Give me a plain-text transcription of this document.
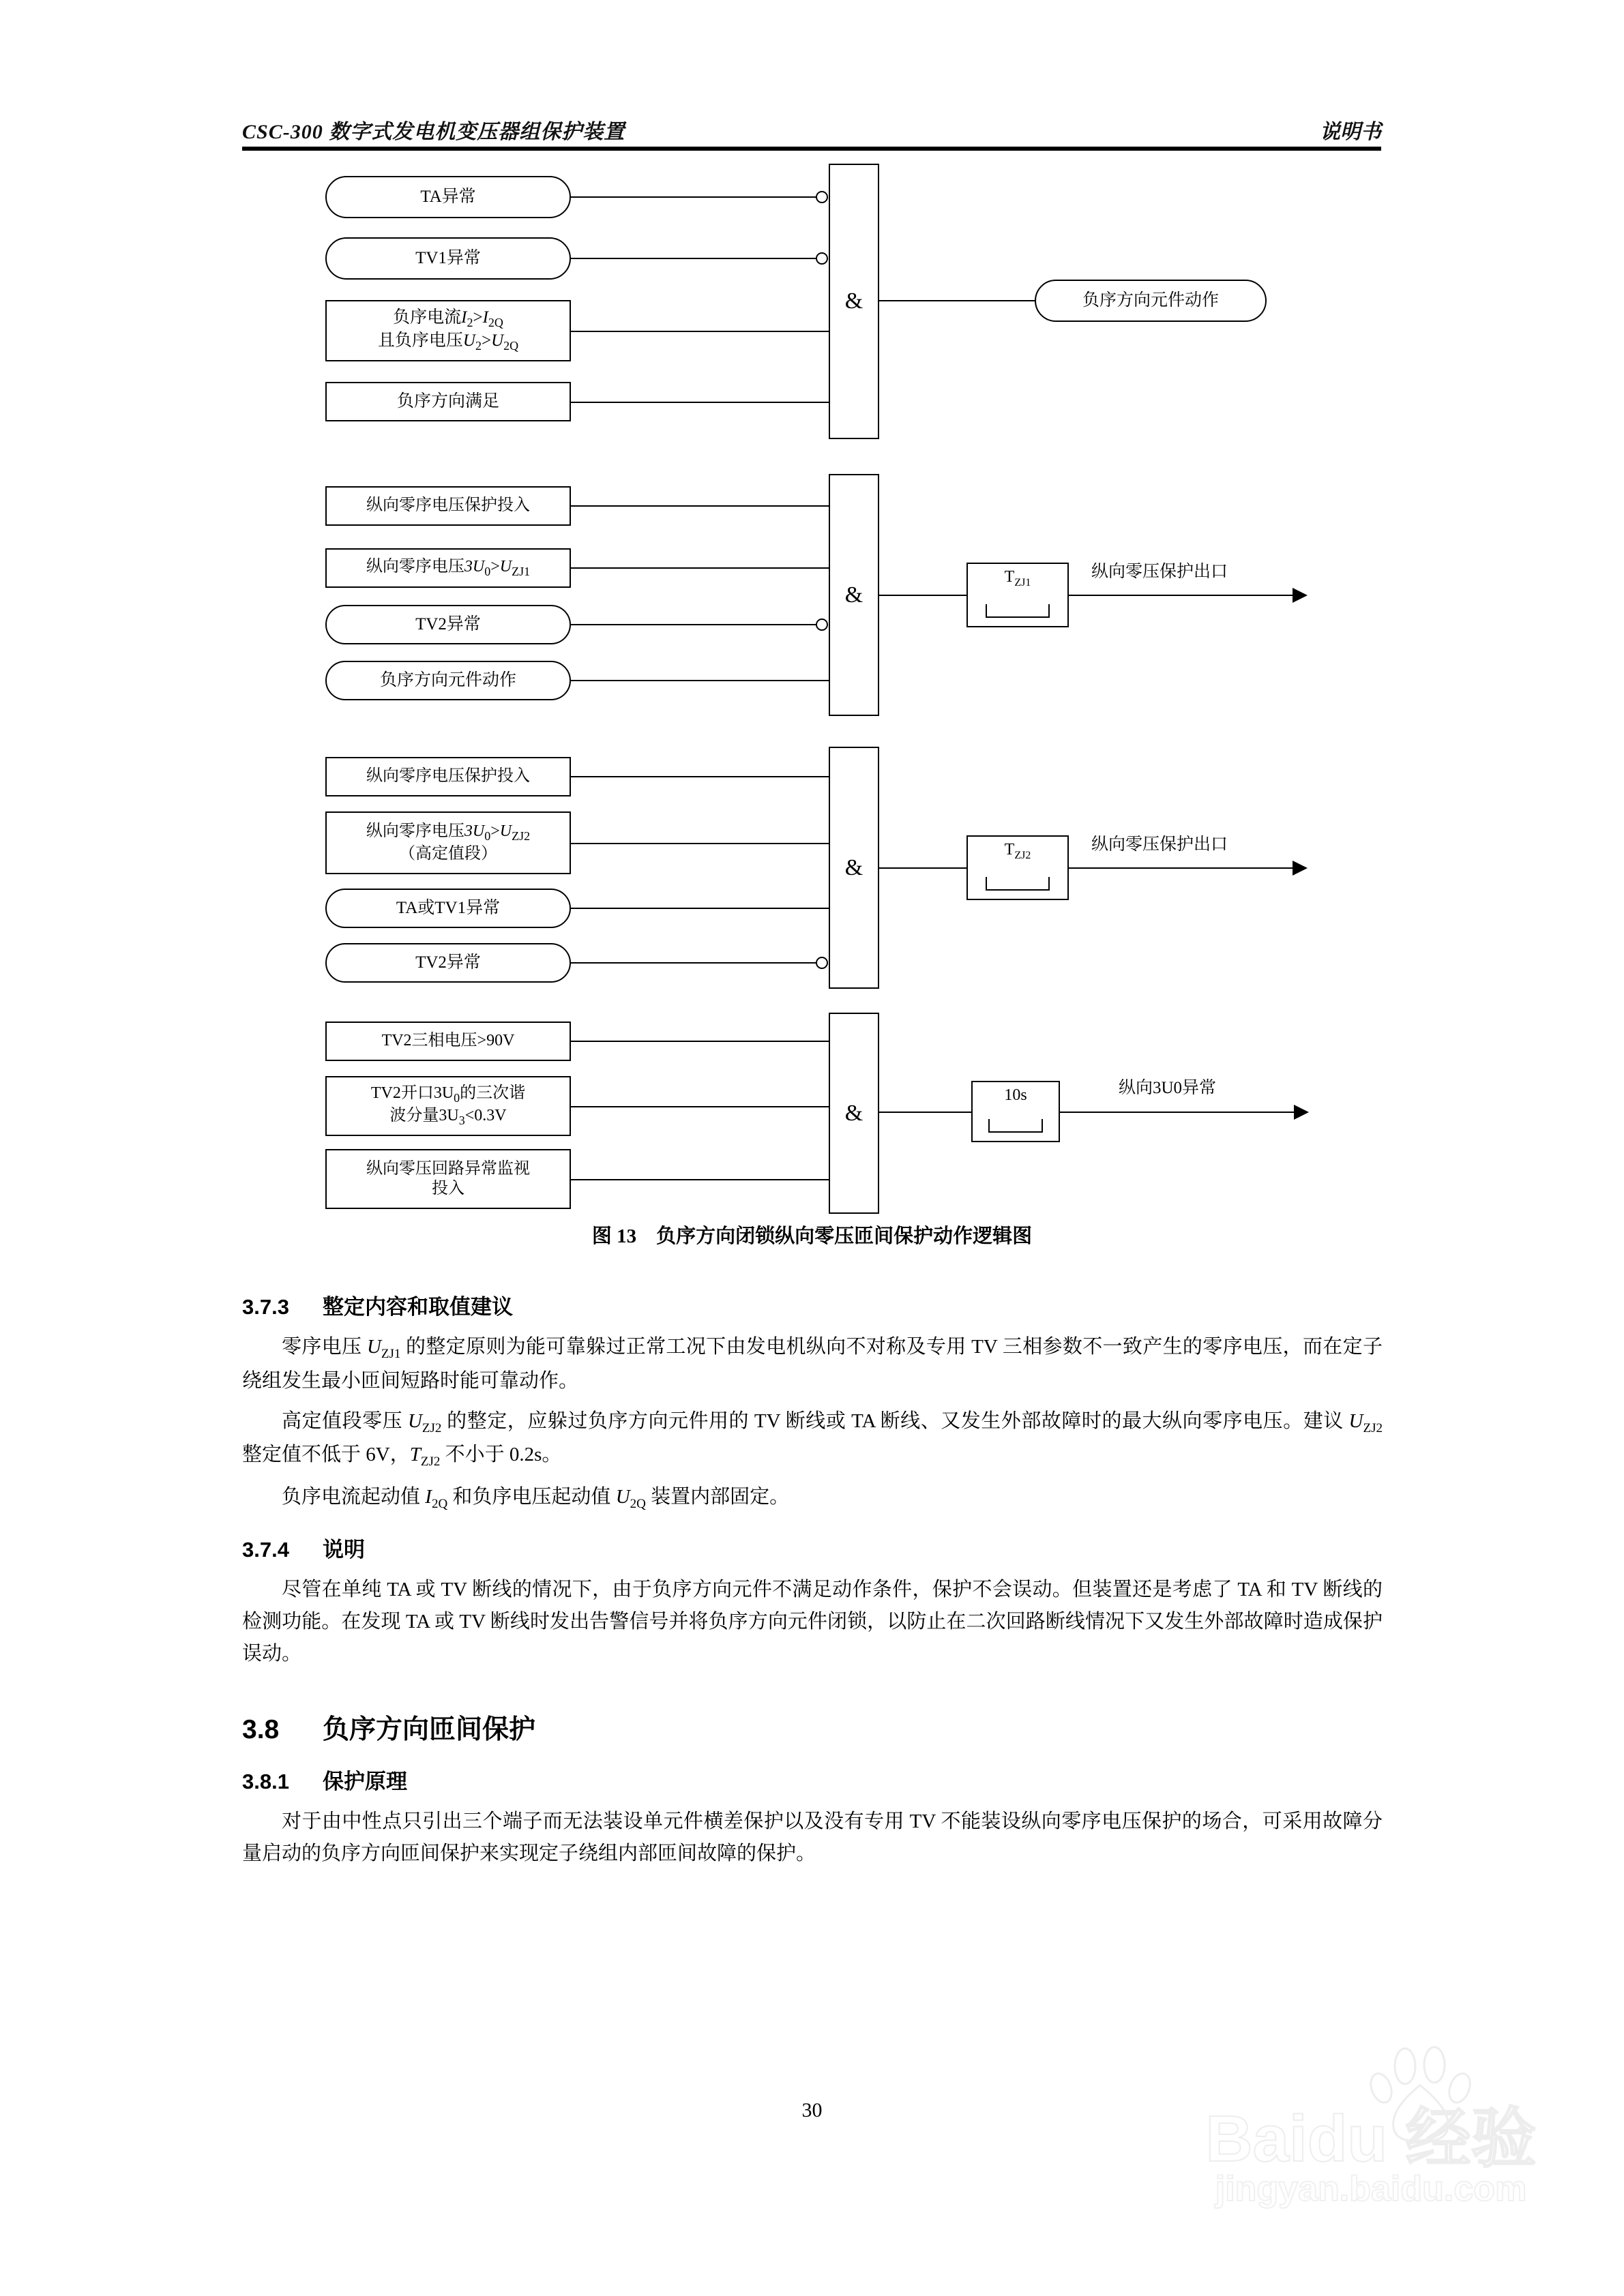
CSC-300 数字式发电机变压器组保护装置	说明书
TA异常
TV1异常
负序电流$I_2>I_{2Q}$
且负序电压$U_2>U_{2Q}$
负序方向满足
&	负序方向元件动作
纵向零序电压保护投入
纵向零序电压$3U_0>U_{ZJ1}$
TV2异常
负序方向元件动作
&
$T_{ZJ1}$
纵向零压保护出口
纵向零序电压保护投入
纵向零序电压$3U_0>U_{ZJ2}$
（高定值段）
TA或TV1异常
TV2异常
&
$T_{ZJ2}$
纵向零压保护出口
TV2三相电压>90V
TV2开口$3U_0$的三次谐
波分量$3U_3<0.3V$
纵向零压回路异常监视
投入
&
10s	纵向3U0异常
图 13　负序方向闭锁纵向零压匝间保护动作逻辑图
3.7.3 整定内容和取值建议

零序电压 $U_{ZJ1}$ 的整定原则为能可靠躲过正常工况下由发电机纵向不对称及专用 TV 三相参数不一致产生的零序电压，而在定子绕组发生最小匝间短路时能可靠动作。

高定值段零压 $U_{ZJ2}$ 的整定，应躲过负序方向元件用的 TV 断线或 TA 断线、又发生外部故障时的最大纵向零序电压。建议 $U_{ZJ2}$ 整定值不低于 6V，$T_{ZJ2}$ 不小于 0.2s。

负序电流起动值 $I_{2Q}$ 和负序电压起动值 $U_{2Q}$ 装置内部固定。

3.7.4 说明

尽管在单纯 TA 或 TV 断线的情况下，由于负序方向元件不满足动作条件，保护不会误动。但装置还是考虑了 TA 和 TV 断线的检测功能。在发现 TA 或 TV 断线时发出告警信号并将负序方向元件闭锁，以防止在二次回路断线情况下又发生外部故障时造成保护误动。

3.8 负序方向匝间保护
3.8.1 保护原理

对于由中性点只引出三个端子而无法装设单元件横差保护以及没有专用 TV 不能装设纵向零序电压保护的场合，可采用故障分量启动的负序方向匝间保护来实现定子绕组内部匝间故障的保护。

Baidu 经验
jingyan.baidu.com
30
